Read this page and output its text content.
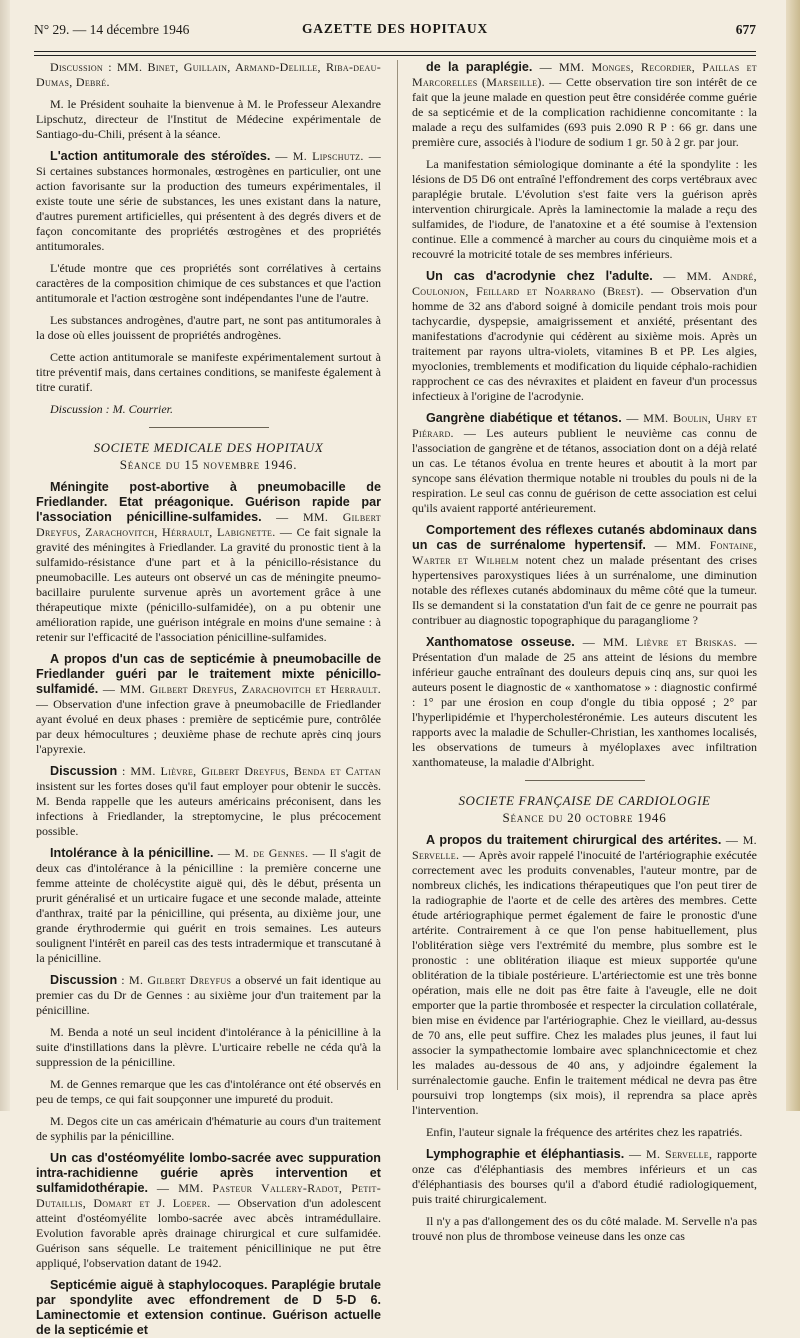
N° 29. — 14 décembre 1946	GAZETTE DES HOPITAUX	677

Discussion : MM. Binet, Guillain, Armand-Delille, Riba-deau-Dumas, Debré.

M. le Président souhaite la bienvenue à M. le Professeur Alexandre Lipschutz, directeur de l'Institut de Médecine expérimentale de Santiago-du-Chili, présent à la séance.

L'action antitumorale des stéroïdes. — M. Lipschutz. — Si certaines substances hormonales, œstrogènes en particulier, ont une action favorisante sur la production des tumeurs expérimentales, il existe toute une série de substances, les unes existant dans la nature, d'autres purement artificielles, qui présentent à des degrés divers et de façon concomitante des propriétés œstrogènes et des propriétés antitumorales.

L'étude montre que ces propriétés sont corrélatives à certains caractères de la composition chimique de ces substances et que l'action antitumorale et l'action œstrogène sont indépendantes l'une de l'autre.

Les substances androgènes, d'autre part, ne sont pas antitumorales à la dose où elles jouissent de propriétés androgènes.

Cette action antitumorale se manifeste expérimentalement surtout à titre préventif mais, dans certaines conditions, se manifeste également à titre curatif.

Discussion : M. Courrier.

SOCIETE MEDICALE DES HOPITAUX
Séance du 15 novembre 1946.

Méningite post-abortive à pneumobacille de Friedlander. Etat préagonique. Guérison rapide par l'association pénicilline-sulfamides. — MM. Gilbert Dreyfus, Zarachovitch, Hérrault, Labignette. — Ce fait signale la gravité des méningites à Friedlander. La gravité du pronostic tient à la sulfamido-résistance d'une part et à la pénicillo-résistance du pneumobacille. Les auteurs ont observé un cas de méningite pneumo-bacillaire purulente survenue après un avortement grâce à une thérapeutique mixte (pénicillo-sulfamidée), on a pu obtenir une amélioration rapide, une guérison intégrale en moins d'une semaine : à retenir sur l'efficacité de l'association pénicilline-sulfamides.

A propos d'un cas de septicémie à pneumobacille de Friedlander guéri par le traitement mixte pénicillo-sulfamidé. — MM. Gilbert Dreyfus, Zarachovitch et Herrault. — Observation d'une infection grave à pneumobacille de Friedlander ayant évolué en deux phases : première de septicémie pure, contrôlée par deux hémocultures ; deuxième phase de rechute après cinq jours l'apyrexie.

Discussion : MM. Lièvre, Gilbert Dreyfus, Benda et Cattan insistent sur les fortes doses qu'il faut employer pour obtenir le succès. M. Benda rappelle que les auteurs américains préconisent, dans les infections à Friedlander, la streptomycine, le plus précocement possible.

Intolérance à la pénicilline. — M. de Gennes. — Il s'agit de deux cas d'intolérance à la pénicilline : la première concerne une femme atteinte de cholécystite aiguë qui, dès le début, présenta un prurit généralisé et un urticaire fugace et une seconde malade, atteinte d'anthrax, traité par la pénicilline, qui présenta, au dixième jour, une grande érythrodermie qui guérit en trois semaines. Les auteurs soulignent l'intérêt en pareil cas des tests intradermique et transcutané à la pénicilline.

Discussion : M. Gilbert Dreyfus a observé un fait identique au premier cas du Dr de Gennes : au sixième jour d'un traitement par la pénicilline.

M. Benda a noté un seul incident d'intolérance à la pénicilline à la suite d'instillations dans la plèvre. L'urticaire rebelle ne céda qu'à la suppression de la pénicilline.

M. de Gennes remarque que les cas d'intolérance ont été observés en peu de temps, ce qui fait soupçonner une impureté du produit.

M. Degos cite un cas américain d'hématurie au cours d'un traitement de syphilis par la pénicilline.

Un cas d'ostéomyélite lombo-sacrée avec suppuration intra-rachidienne guérie après intervention et sulfamidothérapie. — MM. Pasteur Vallery-Radot, Petit-Dutaillis, Domart et J. Loeper. — Observation d'un adolescent atteint d'ostéomyélite lombo-sacrée avec abcès intramédullaire. Evolution favorable après drainage chirurgical et cure sulfamidée. Guérison sans séquelle. Le traitement pénicillinique ne put être appliqué, l'observation datant de 1942.

Septicémie aiguë à staphylocoques. Paraplégie brutale par spondylite avec effondrement de D 5-D 6. Laminectomie et extension continue. Guérison actuelle de la septicémie et

de la paraplégie. — MM. Monges, Recordier, Paillas et Marcorelles (Marseille). — Cette observation tire son intérêt de ce fait que la jeune malade en question peut être considérée comme guérie de sa septicémie et de la complication rachidienne concomitante : la malade a reçu des sulfamides (693 puis 2.090 R P : 66 gr. dans une première cure, associés à l'iodure de sodium 1 gr. 50 à 2 gr. par jour.

La manifestation sémiologique dominante a été la spondylite : les lésions de D5 D6 ont entraîné l'effondrement des corps vertébraux avec paraplégie brutale. L'évolution s'est faite vers la guérison après intervention chirurgicale. Après la laminectomie la malade a reçu des sulfamides, de l'iodure, de l'anatoxine et a été soumise à l'extension continue. Elle a commencé à marcher au cours du cinquième mois et a recouvré la motricité totale de ses membres inférieurs.

Un cas d'acrodynie chez l'adulte. — MM. André, Coulonjon, Feillard et Noarrano (Brest). — Observation d'un homme de 32 ans d'abord soigné à domicile pendant trois mois pour tachycardie, dyspepsie, amaigrissement et anxiété, présentant des manifestations d'acrodynie qui cédèrent au sixième mois. Après un traitement par rayons ultra-violets, vitamines B et PP. Les algies, myoclonies, tremblements et modification du liquide céphalo-rachidien rapprochent ce cas des névraxites et plaident en faveur d'un processus infectieux à l'origine de l'acrodynie.

Gangrène diabétique et tétanos. — MM. Boulin, Uhry et Piérard. — Les auteurs publient le neuvième cas connu de l'association de gangrène et de tétanos, association dont on a déjà relaté un cas. Le tétanos évolua en trente heures et aboutit à la mort par syncope sans élévation thermique notable ni troubles du pouls ni de la respiration. Le seul cas connu de guérison de cette association est celui qu'ils avaient rapporté antérieurement.

Comportement des réflexes cutanés abdominaux dans un cas de surrénalome hypertensif. — MM. Fontaine, Warter et Wilhelm notent chez un malade présentant des crises hypertensives paroxystiques liées à un surrénalome, une diminution notable des réflexes cutanés abdominaux du même côté que la tumeur. Ils se demandent si la constatation d'un fait de ce genre ne pourrait pas contribuer au diagnostic topographique du paragangliome ?

Xanthomatose osseuse. — MM. Lièvre et Briskas. — Présentation d'un malade de 25 ans atteint de lésions du membre inférieur gauche entraînant des douleurs depuis cinq ans, sur quoi les auteurs posent le diagnostic de « xanthomatose » : diagnostic confirmé : 1° par une érosion en coup d'ongle du tibia opposé ; 2° par l'hyperlipidémie et l'hypercholestéronémie. Les auteurs discutent les rapports avec la maladie de Schuller-Christian, les xanthomes localisés, les observations de tumeurs à myéloplaxes avec infiltration xanthomateuse, la maladie d'Albright.

SOCIETE FRANÇAISE DE CARDIOLOGIE
Séance du 20 octobre 1946

A propos du traitement chirurgical des artérites. — M. Servelle. — Après avoir rappelé l'inocuité de l'artériographie exécutée correctement avec les produits convenables, l'auteur montre, par de nombreux clichés, les indications thérapeutiques que l'on peut tirer de la radiographie de l'aorte et de celle des artères des membres. Cette étude artériographique permet également de faire le pronostic d'une artérite. Contrairement à ce que l'on pense habituellement, plus l'oblitération siège vers l'extrémité du membre, plus sombre est le pronostic : une oblitération iliaque est mieux supportée qu'une oblitération de la tibiale postérieure. L'artériectomie est une très bonne opération, mais elle ne doit pas être faite à l'aveugle, elle ne doit emporter que la partie thrombosée et respecter la circulation collatérale, bien mise en évidence par l'artériographie. Chez le vieillard, au-dessus de 70 ans, elle peut suffire. Chez les malades plus jeunes, il faut lui associer la sympathectomie lombaire avec splanchnicectomie et chez les malades au-dessous de 40 ans, y adjoindre également la surrénalectomie gauche. Enfin le traitement médical ne devra pas être poursuivi trop longtemps (six mois), il reprendra sa place après l'intervention.

Enfin, l'auteur signale la fréquence des artérites chez les rapatriés.

Lymphographie et éléphantiasis. — M. Servelle, rapporte onze cas d'éléphantiasis des membres inférieurs et un cas d'éléphantiasis des bourses qu'il a d'abord étudié radiologiquement, puis traité chirurgicalement.

Il n'y a pas d'allongement des os du côté malade. M. Servelle n'a pas trouvé non plus de thrombose veineuse dans les onze cas
